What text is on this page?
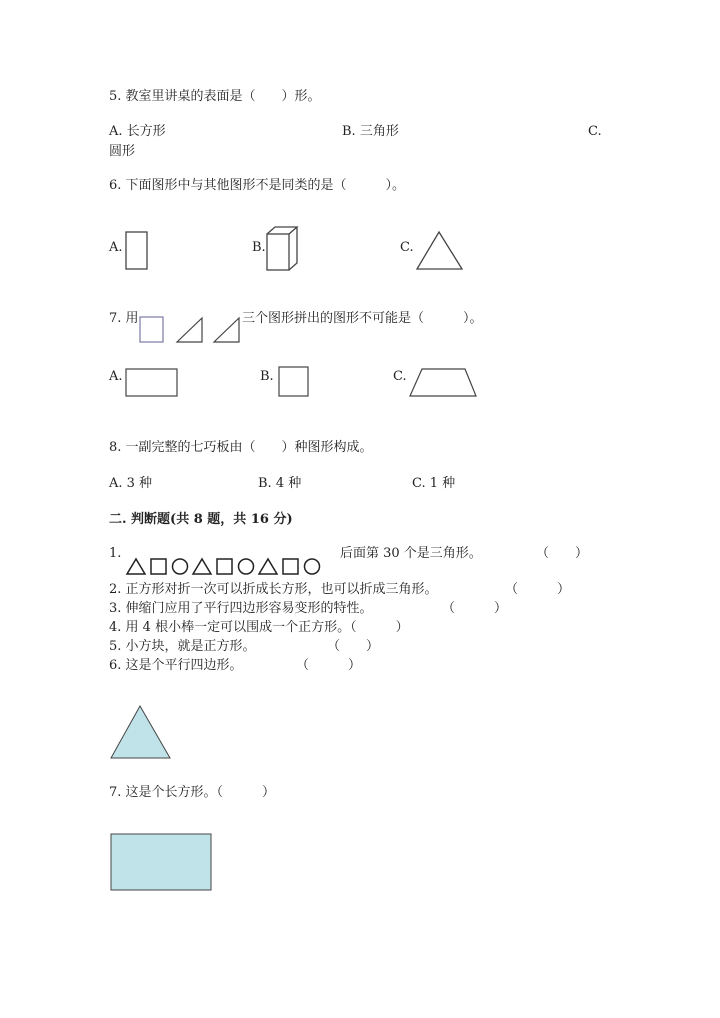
5. 教室里讲桌的表面是（　　）形。
A. 长方形	B. 三角形	C.
圆形
6. 下面图形中与其他图形不是同类的是（　　　）。
A.	B.	C.
7. 用	三个图形拼出的图形不可能是（　　　）。
A.	B.	C.
8. 一副完整的七巧板由（　　）种图形构成。
A. 3 种	B. 4 种	C. 1 种
二. 判断题(共 8 题，共 16 分)
1.	后面第 30 个是三角形。	（　　）
2. 正方形对折一次可以折成长方形，也可以折成三角形。	（　　　）
3. 伸缩门应用了平行四边形容易变形的特性。	（　　　）
4. 用 4 根小棒一定可以围成一个正方形。（　　　）
5. 小方块，就是正方形。	（　　）
6. 这是个平行四边形。	（　　　）
7. 这是个长方形。（　　　）
